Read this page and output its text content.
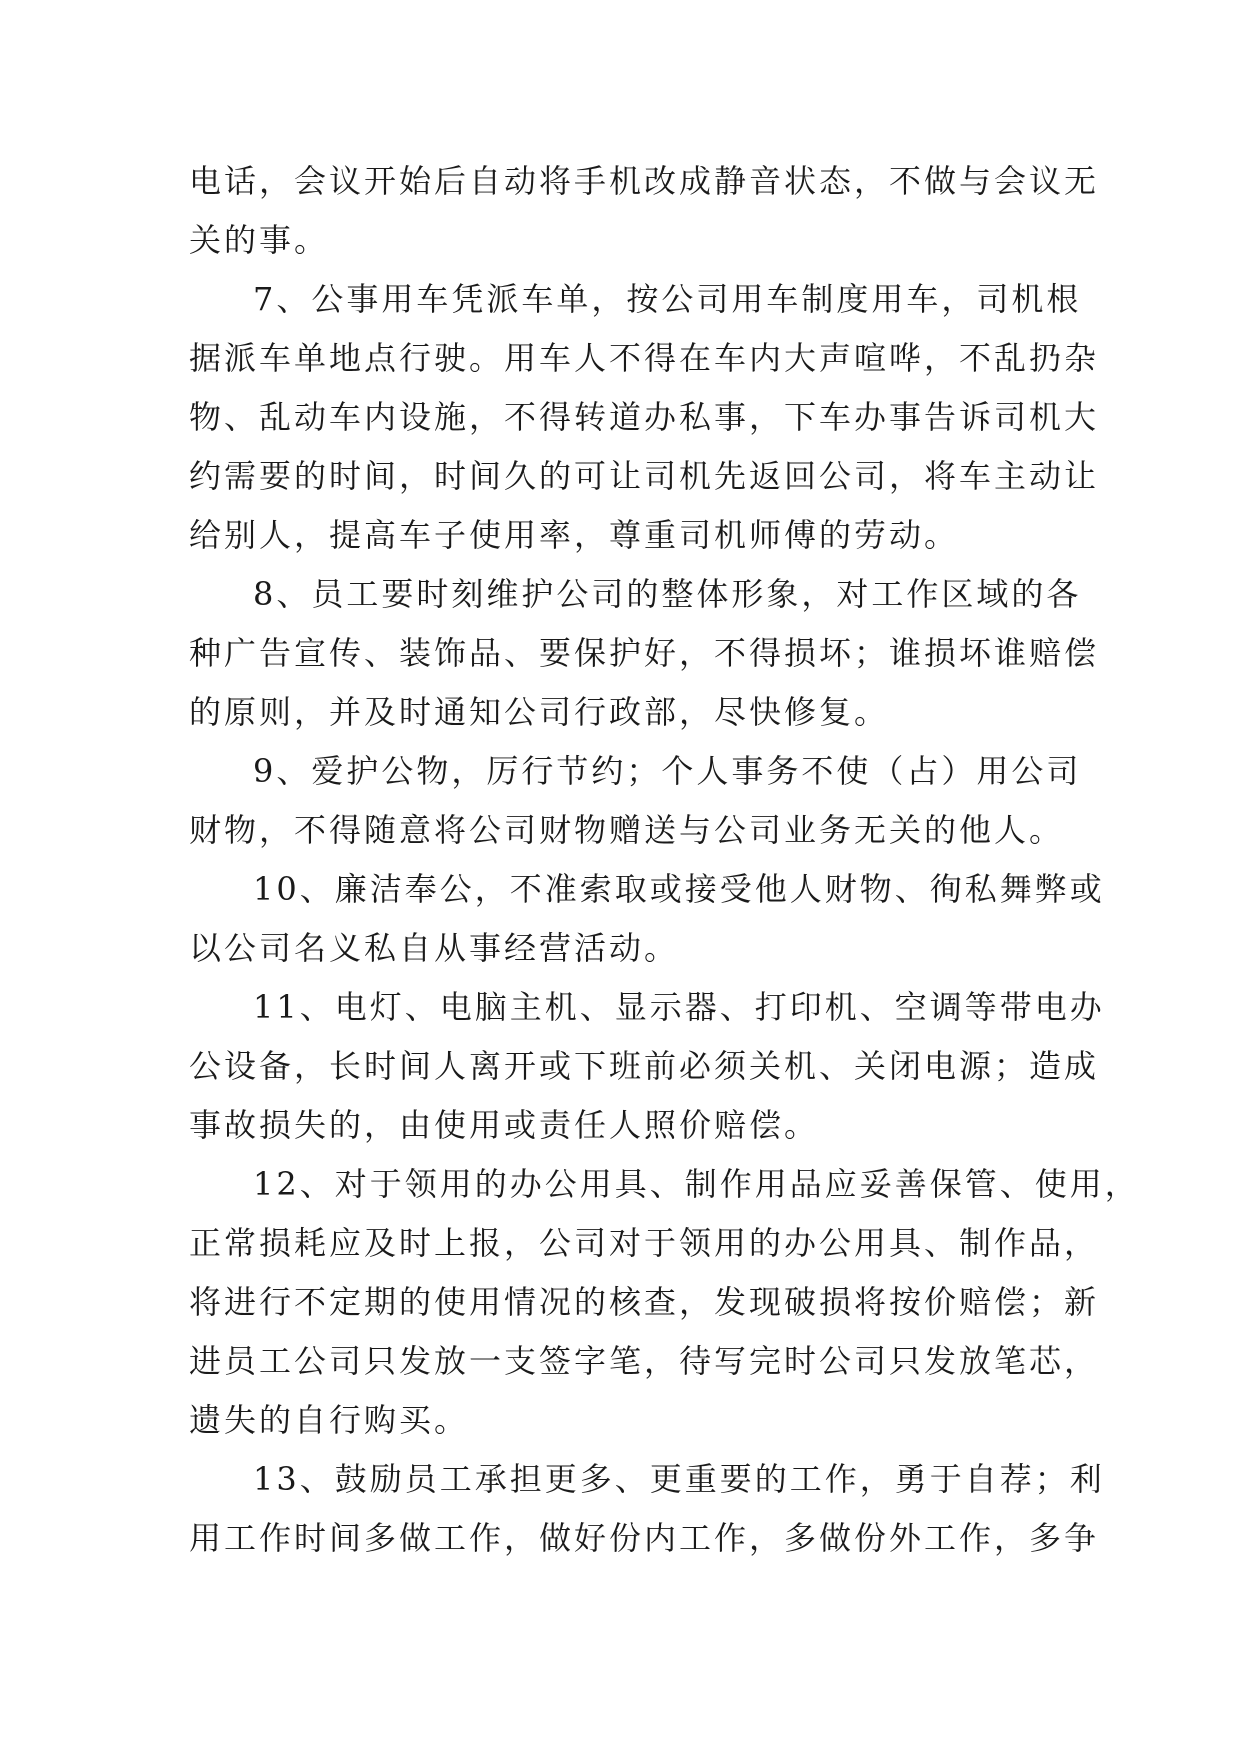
电话，会议开始后自动将手机改成静音状态，不做与会议无
关的事。
7、公事用车凭派车单，按公司用车制度用车，司机根
据派车单地点行驶。用车人不得在车内大声喧哗，不乱扔杂
物、乱动车内设施，不得转道办私事，下车办事告诉司机大
约需要的时间，时间久的可让司机先返回公司，将车主动让
给别人，提高车子使用率，尊重司机师傅的劳动。
8、员工要时刻维护公司的整体形象，对工作区域的各
种广告宣传、装饰品、要保护好，不得损坏；谁损坏谁赔偿
的原则，并及时通知公司行政部，尽快修复。
9、爱护公物，厉行节约；个人事务不使（占）用公司
财物，不得随意将公司财物赠送与公司业务无关的他人。
10、廉洁奉公，不准索取或接受他人财物、徇私舞弊或
以公司名义私自从事经营活动。
11、电灯、电脑主机、显示器、打印机、空调等带电办
公设备，长时间人离开或下班前必须关机、关闭电源；造成
事故损失的，由使用或责任人照价赔偿。
12、对于领用的办公用具、制作用品应妥善保管、使用，
正常损耗应及时上报，公司对于领用的办公用具、制作品，
将进行不定期的使用情况的核查，发现破损将按价赔偿；新
进员工公司只发放一支签字笔，待写完时公司只发放笔芯，
遗失的自行购买。
13、鼓励员工承担更多、更重要的工作，勇于自荐；利
用工作时间多做工作，做好份内工作，多做份外工作，多争
